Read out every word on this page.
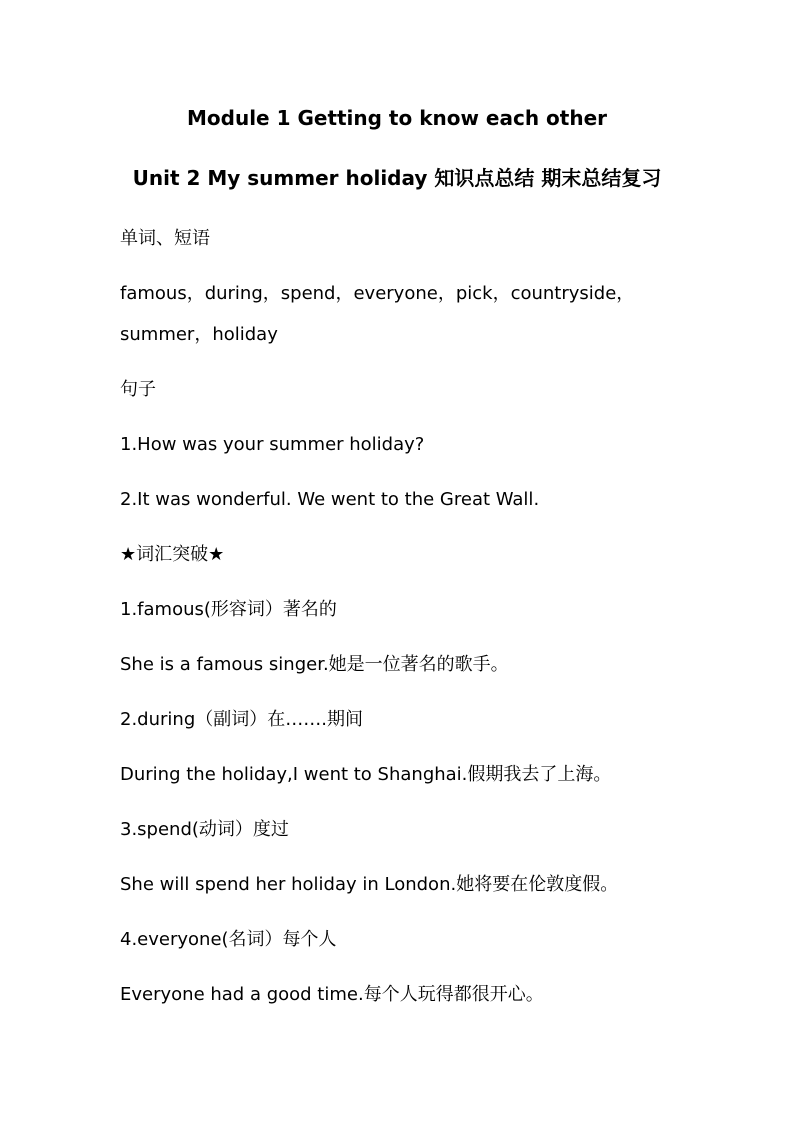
Module 1 Getting to know each other
Unit 2 My summer holiday 知识点总结 期末总结复习
单词、短语
famous，during，spend，everyone，pick，countryside，
summer，holiday
句子
1.How was your summer holiday?
2.It was wonderful. We went to the Great Wall.
★词汇突破★
1.famous(形容词）著名的
She is a famous singer.她是一位著名的歌手。
2.during（副词）在…….期间
During the holiday,I went to Shanghai.假期我去了上海。
3.spend(动词）度过
She will spend her holiday in London.她将要在伦敦度假。
4.everyone(名词）每个人
Everyone had a good time.每个人玩得都很开心。
